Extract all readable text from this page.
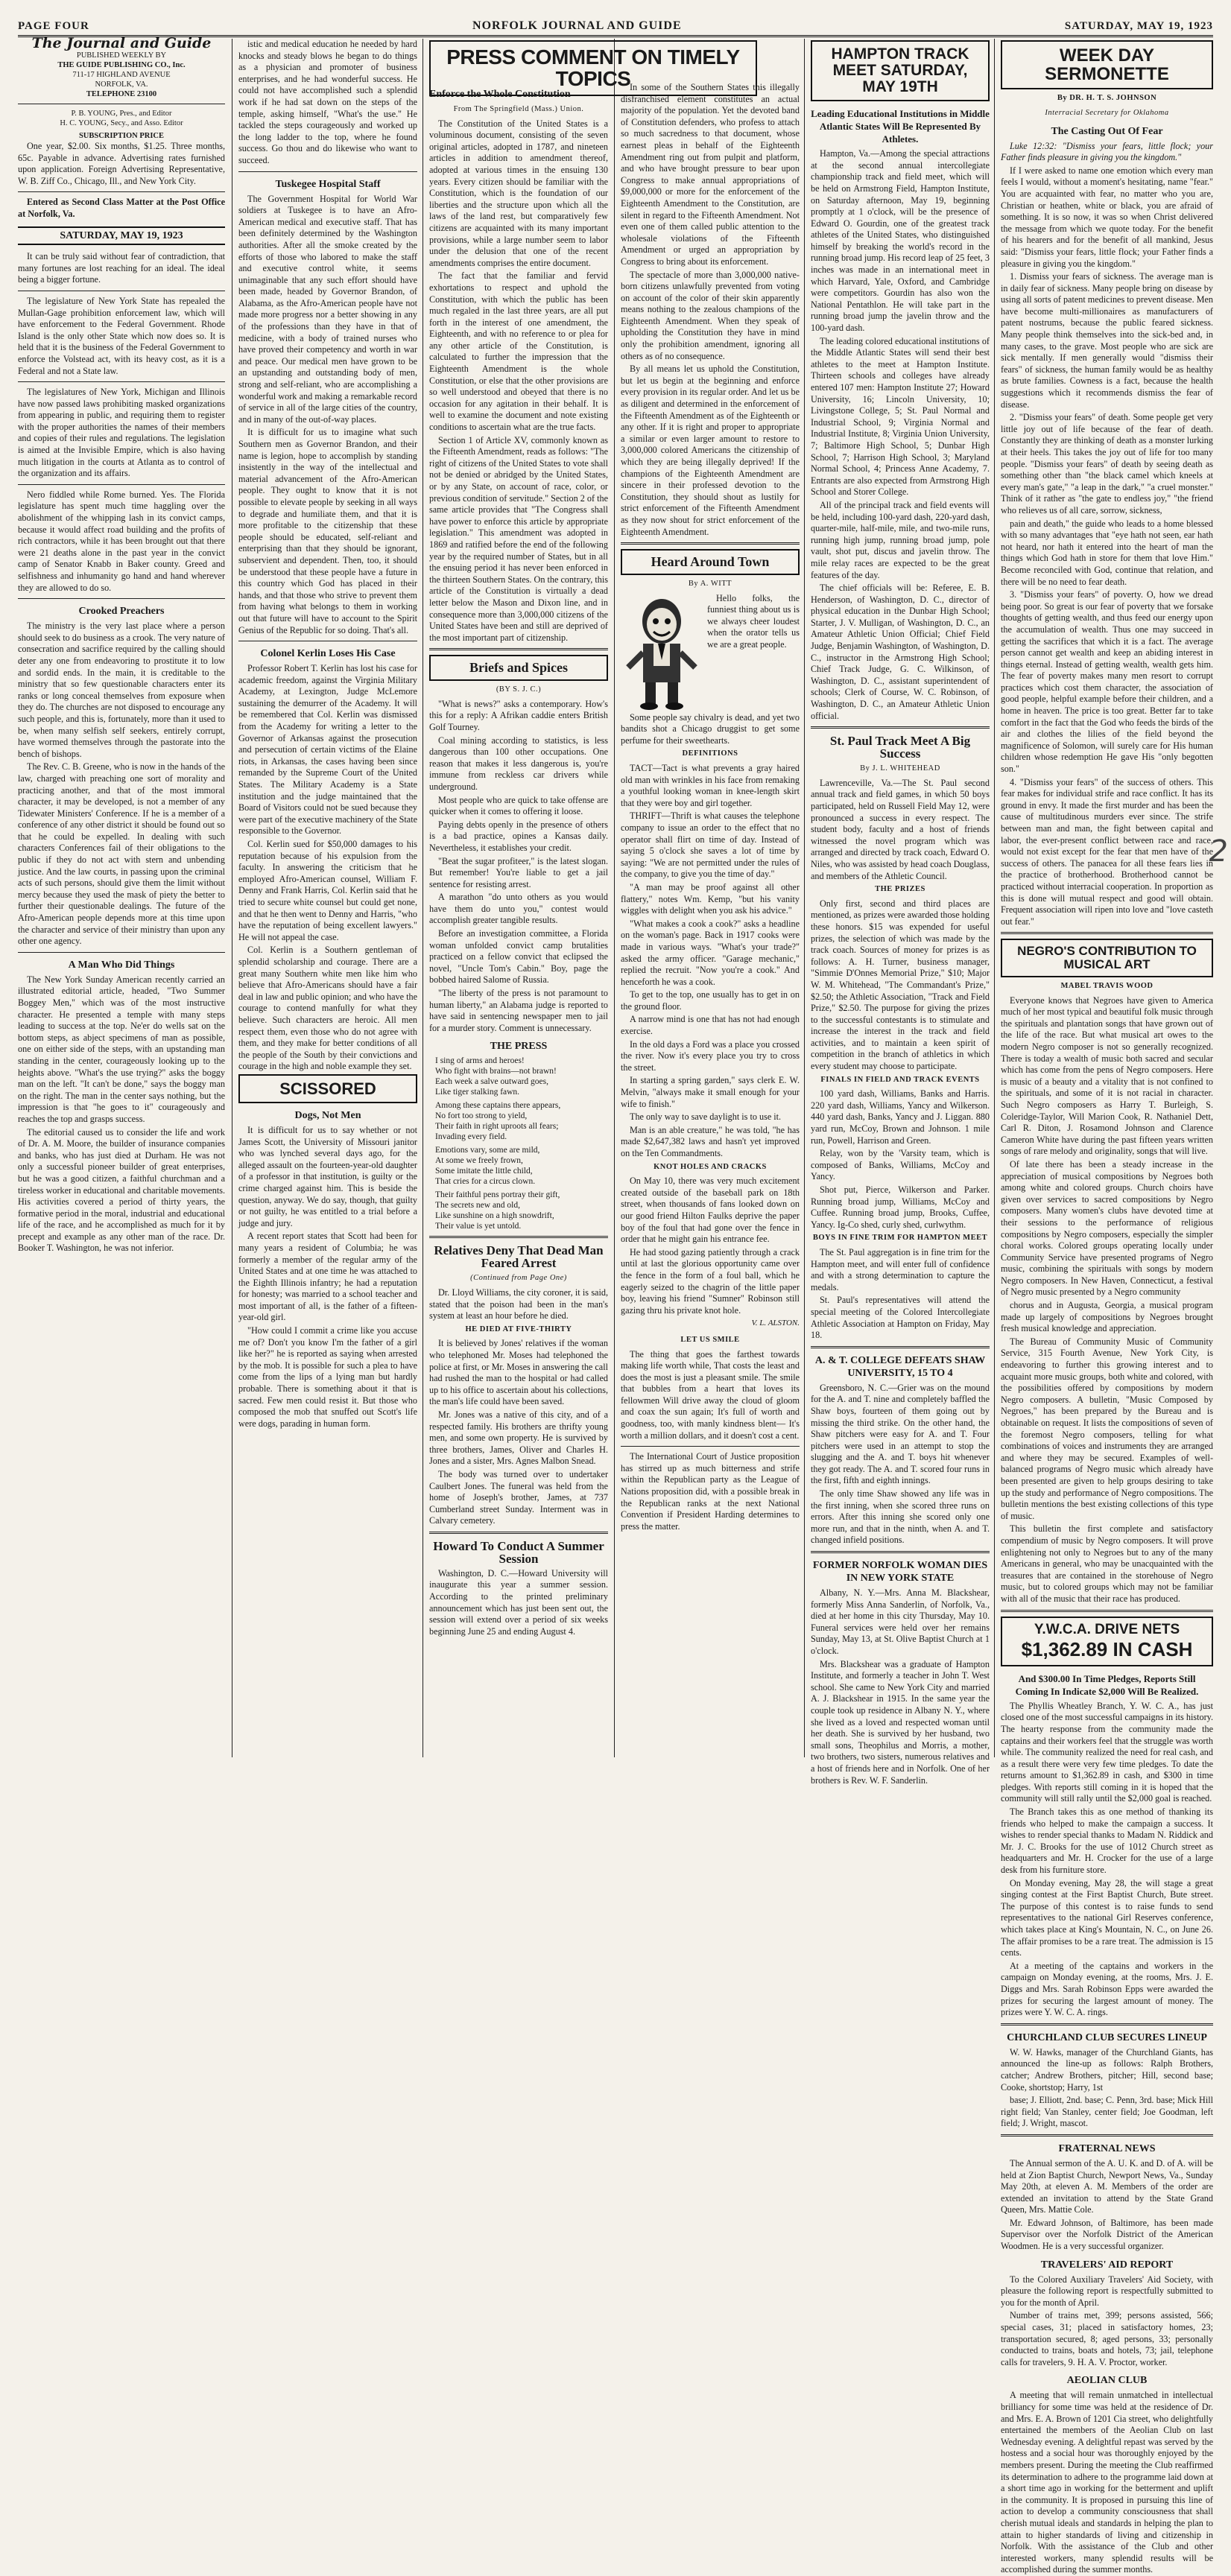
PAGE FOUR	NORFOLK JOURNAL AND GUIDE	SATURDAY, MAY 19, 1923
The Journal and Guide
PUBLISHED WEEKLY BY
THE GUIDE PUBLISHING CO., Inc.
711-17 HIGHLAND AVENUE
NORFOLK, VA.
TELEPHONE 23100
P. B. YOUNG, Pres., and Editor
H. C. YOUNG, Secy., and Asso. Editor
SUBSCRIPTION PRICE

One year, $2.00. Six months, $1.25. Three months, 65c. Payable in advance. Advertising rates furnished upon application. Foreign Advertising Representative, W. B. Ziff Co., Chicago, Ill., and New York City.

Entered as Second Class Matter at the Post Office at Norfolk, Va.

SATURDAY, MAY 19, 1923

It can be truly said without fear of contradiction, that many fortunes are lost reaching for an ideal. The ideal being a bigger fortune.

The legislature of New York State has repealed the Mullan-Gage prohibition enforcement law, which will have enforcement to the Federal Government. Rhode Island is the only other State which now does so. It is held that it is the business of the Federal Government to enforce the Volstead act, with its heavy cost, as it is a Federal and not a State law.

The legislatures of New York, Michigan and Illinois have now passed laws prohibiting masked organizations from appearing in public, and requiring them to register with the proper authorities the names of their members and copies of their rules and regulations. The legislation is aimed at the Invisible Empire, which is also having much litigation in the courts at Atlanta as to control of the organization and its affairs.

Nero fiddled while Rome burned. Yes. The Florida legislature has spent much time haggling over the abolishment of the whipping lash in its convict camps, because it would affect road building and the profits of rich contractors, while it has been brought out that there were 21 deaths alone in the past year in the convict camp of Senator Knabb in Baker county. Greed and selfishness and inhumanity go hand and hand wherever they are allowed to do so.

Crooked Preachers

The ministry is the very last place where a person should seek to do business as a crook. The very nature of consecration and sacrifice required by the calling should deter any one from endeavoring to prostitute it to low and sordid ends. In the main, it is creditable to the ministry that so few questionable characters enter its ranks or long conceal themselves from exposure when they do. The churches are not disposed to encourage any such people, and this is, fortunately, more than it used to be, when many selfish self seekers, entirely corrupt, have wormed themselves through the pastorate into the bench of bishops.

The Rev. C. B. Greene, who is now in the hands of the law, charged with preaching one sort of morality and practicing another, and that of the most immoral character, it may be developed, is not a member of any Tidewater Ministers' Conference. If he is a member of a conference of any other district it should be found out so that he could be expelled. In dealing with such characters Conferences fail of their obligations to the public if they do not act with stern and unbending justice. And the law courts, in passing upon the criminal acts of such persons, should give them the limit without mercy because they used the mask of piety the better to further their questionable dealings. The future of the Afro-American people depends more at this time upon the character and service of their ministry than upon any other one agency.

A Man Who Did Things

The New York Sunday American recently carried an illustrated editorial article, headed, "Two Summer Boggey Men," which was of the most instructive character. He presented a temple with many steps leading to success at the top. Ne'er do wells sat on the bottom steps, as abject specimens of man as possible, one on either side of the steps, with an upstanding man standing in the center, courageously looking up to the heights above. "What's the use trying?" asks the boggy man on the left. "It can't be done," says the boggy man on the right. The man in the center says nothing, but the impression is that "he goes to it" courageously and reaches the top and grasps success.

The editorial caused us to consider the life and work of Dr. A. M. Moore, the builder of insurance companies and banks, who has just died at Durham. He was not only a successful pioneer builder of great enterprises, but he was a good citizen, a faithful churchman and a tireless worker in educational and charitable movements. His activities covered a period of thirty years, the formative period in the moral, industrial and educational life of the race, and he accomplished as much for it by precept and example as any other man of the race. Dr. Booker T. Washington, he was not inferior.

istic and medical education he needed by hard knocks and steady blows he began to do things as a physician and promoter of business enterprises, and he had wonderful success. He could not have accomplished such a splendid work if he had sat down on the steps of the temple, asking himself, "What's the use." He tackled the steps courageously and worked up the long ladder to the top, where he found success. Go thou and do likewise who want to succeed.

Tuskegee Hospital Staff

The Government Hospital for World War soldiers at Tuskegee is to have an Afro-American medical and executive staff. That has been definitely determined by the Washington authorities. After all the smoke created by the efforts of those who labored to make the staff and executive control white, it seems unimaginable that any such effort should have been made, headed by Governor Brandon, of Alabama, as the Afro-American people have not made more progress nor a better showing in any of the professions than they have in that of medicine, with a body of trained nurses who have proved their competency and worth in war and peace. Our medical men have grown to be an upstanding and outstanding body of men, strong and self-reliant, who are accomplishing a wonderful work and making a remarkable record of service in all of the large cities of the country, and in many of the out-of-way places.

It is difficult for us to imagine what such Southern men as Governor Brandon, and their name is legion, hope to accomplish by standing insistently in the way of the intellectual and material advancement of the Afro-American people. They ought to know that it is not possible to elevate people by seeking in all ways to degrade and humiliate them, and that it is more profitable to the citizenship that these people should be educated, self-reliant and enterprising than that they should be ignorant, subservient and dependent. Then, too, it should be understood that these people have a future in this country which God has placed in their hands, and that those who strive to prevent them from having what belongs to them in working out that future will have to account to the Spirit Genius of the Republic for so doing. That's all.

Colonel Kerlin Loses His Case

Professor Robert T. Kerlin has lost his case for academic freedom, against the Virginia Military Academy, at Lexington, Judge McLemore sustaining the demurrer of the Academy. It will be remembered that Col. Kerlin was dismissed from the Academy for writing a letter to the Governor of Arkansas against the prosecution and persecution of certain victims of the Elaine riots, in Arkansas, the cases having been since remanded by the Supreme Court of the United States. The Military Academy is a State institution and the judge maintained that the Board of Visitors could not be sued because they were part of the executive machinery of the State responsible to the Governor.

Col. Kerlin sued for $50,000 damages to his reputation because of his expulsion from the faculty. In answering the criticism that he employed Afro-American counsel, William F. Denny and Frank Harris, Col. Kerlin said that he tried to secure white counsel but could get none, and that he then went to Denny and Harris, "who have the reputation of being excellent lawyers." He will not appeal the case.

Col. Kerlin is a Southern gentleman of splendid scholarship and courage. There are a great many Southern white men like him who believe that Afro-Americans should have a fair deal in law and public opinion; and who have the courage to contend manfully for what they believe. Such characters are heroic. All men respect them, even those who do not agree with them, and they make for better conditions of all the people of the South by their convictions and courage in the high and noble example they set.

SCISSORED
Dogs, Not Men

It is difficult for us to say whether or not James Scott, the University of Missouri janitor who was lynched several days ago, for the alleged assault on the fourteen-year-old daughter of a professor in that institution, is guilty or the crime charged against him. This is beside the question, anyway. We do say, though, that guilty or not guilty, he was entitled to a trial before a judge and jury.

A recent report states that Scott had been for many years a resident of Columbia; he was formerly a member of the regular army of the United States and at one time he was attached to the Eighth Illinois infantry; he had a reputation for honesty; was married to a school teacher and most important of all, is the father of a fifteen-year-old girl.

"How could I commit a crime like you accuse me of? Don't you know I'm the father of a girl like her?" he is reported as saying when arrested by the mob. It is possible for such a plea to have come from the lips of a lying man but hardly probable. There is something about it that is sacred. Few men could resist it. But those who composed the mob that snuffed out Scott's life were dogs, parading in human form.

PRESS COMMENT ON TIMELY TOPICS
Enforce the Whole Constitution
From The Springfield (Mass.) Union.

The Constitution of the United States is a voluminous document, consisting of the seven original articles, adopted in 1787, and nineteen articles in addition to amendment thereof, adopted at various times in the ensuing 130 years. Every citizen should be familiar with the Constitution, which is the foundation of our liberties and the structure upon which all the laws of the land rest, but comparatively few citizens are acquainted with its many important provisions, while a large number seem to labor under the delusion that one of the recent amendments comprises the entire document.

The fact that the familiar and fervid exhortations to respect and uphold the Constitution, with which the public has been much regaled in the last three years, are all put forth in the interest of one amendment, the Eighteenth, and with no reference to or plea for any other article of the Constitution, is calculated to further the impression that the Eighteenth Amendment is the whole Constitution, or else that the other provisions are so well understood and obeyed that there is no occasion for any agitation in their behalf. It is well to examine the document and note existing conditions to ascertain what are the true facts.

Section 1 of Article XV, commonly known as the Fifteenth Amendment, reads as follows: "The right of citizens of the United States to vote shall not be denied or abridged by the United States, or by any State, on account of race, color, or previous condition of servitude." Section 2 of the same article provides that "The Congress shall have power to enforce this article by appropriate legislation." This amendment was adopted in 1869 and ratified before the end of the following year by the required number of States, but in all the ensuing period it has never been enforced in the thirteen Southern States. On the contrary, this article of the Constitution is virtually a dead letter below the Mason and Dixon line, and in consequence more than 3,000,000 citizens of the United States have been and still are deprived of the most important part of citizenship.

Briefs and Spices
(BY S. J. C.)

"What is news?" asks a contemporary. How's this for a reply: A Afrikan caddie enters British Golf Tourney.

Coal mining according to statistics, is less dangerous than 100 other occupations. One reason that makes it less dangerous is, you're immune from reckless car drivers while underground.

Most people who are quick to take offense are quicker when it comes to offering it loose.

Paying debts openly in the presence of others is a bad practice, opines a Kansas daily. Nevertheless, it establishes your credit.

"Beat the sugar profiteer," is the latest slogan. But remember! You're liable to get a jail sentence for resisting arrest.

A marathon "do unto others as you would have them do unto you," contest would accomplish greater tangible results.

Before an investigation committee, a Florida woman unfolded convict camp brutalities practiced on a fellow convict that eclipsed the novel, "Uncle Tom's Cabin." Boy, page the bobbed haired Salome of Russia.

"The liberty of the press is not paramount to human liberty," an Alabama judge is reported to have said in sentencing newspaper men to jail for a murder story. Comment is unnecessary.

THE PRESS
I sing of arms and heroes!
Who fight with brains—not brawn!
Each week a salve outward goes,
Like tiger stalking fawn.
Among these captains there appears,
No fort too strong to yield,
Their faith in right uproots all fears;
Invading every field.
Emotions vary, some are mild,
At some we freely frown,
Some imitate the little child,
That cries for a circus clown.
Their faithful pens portray their gift,
The secrets new and old,
Like sunshine on a high snowdrift,
Their value is yet untold.
Relatives Deny That Dead Man Feared Arrest
(Continued from Page One)

Dr. Lloyd Williams, the city coroner, it is said, stated that the poison had been in the man's system at least an hour before he died.

HE DIED AT FIVE-THIRTY

It is believed by Jones' relatives if the woman who telephoned Mr. Moses had telephoned the police at first, or Mr. Moses in answering the call had rushed the man to the hospital or had called up to his office to ascertain about his collections, the man's life could have been saved.

Mr. Jones was a native of this city, and of a respected family. His brothers are thrifty young men, and some own property. He is survived by three brothers, James, Oliver and Charles H. Jones and a sister, Mrs. Agnes Malbon Snead.

The body was turned over to undertaker Caulbert Jones. The funeral was held from the home of Joseph's brother, James, at 737 Cumberland street Sunday. Interment was in Calvary cemetery.

Howard To Conduct A Summer Session

Washington, D. C.—Howard University will inaugurate this year a summer session. According to the printed preliminary announcement which has just been sent out, the session will extend over a period of six weeks beginning June 25 and ending August 4.

In some of the Southern States this illegally disfranchised element constitutes an actual majority of the population. Yet the devoted band of Constitution defenders, who profess to attach so much sacredness to that document, whose earnest pleas in behalf of the Eighteenth Amendment ring out from pulpit and platform, and who have brought pressure to bear upon Congress to make annual appropriations of $9,000,000 or more for the enforcement of the Eighteenth Amendment to the Constitution, are silent in regard to the Fifteenth Amendment. Not even one of them called public attention to the wholesale violations of the Fifteenth Amendment or urged an appropriation by Congress to bring about its enforcement.

The spectacle of more than 3,000,000 native-born citizens unlawfully prevented from voting on account of the color of their skin apparently means nothing to the zealous champions of the Eighteenth Amendment. When they speak of upholding the Constitution they have in mind only the prohibition amendment, ignoring all others as of no consequence.

By all means let us uphold the Constitution, but let us begin at the beginning and enforce every provision in its regular order. And let us be as diligent and determined in the enforcement of the Fifteenth Amendment as of the Eighteenth or any other. If it is right and proper to appropriate a similar or even larger amount to restore to 3,000,000 colored Americans the citizenship of which they are being illegally deprived! If the champions of the Eighteenth Amendment are sincere in their professed devotion to the Constitution, they should shout as lustily for strict enforcement of the Fifteenth Amendment as they now shout for strict enforcement of the Eighteenth Amendment.

Heard Around Town
By A. WITT

Hello folks, the funniest thing about us is we always cheer loudest when the orator tells us we are a great people.

Some people say chivalry is dead, and yet two bandits shot a Chicago druggist to get some perfume for their sweethearts.

DEFINITIONS

TACT—Tact is what prevents a gray haired old man with wrinkles in his face from remaking a youthful looking woman in knee-length skirt that they were boy and girl together.

THRIFT—Thrift is what causes the telephone company to issue an order to the effect that no operator shall flirt on time of day. Instead of saying 5 o'clock she saves a lot of time by saying: "We are not permitted under the rules of the company, to give you the time of day."

"A man may be proof against all other flattery," notes Wm. Kemp, "but his vanity wiggles with delight when you ask his advice."

"What makes a cook a cook?" asks a headline on the woman's page. Back in 1917 cooks were made in various ways. "What's your trade?" asked the army officer. "Garage mechanic," replied the recruit. "Now you're a cook." And henceforth he was a cook.

To get to the top, one usually has to get in on the ground floor.

A narrow mind is one that has not had enough exercise.

In the old days a Ford was a place you crossed the river. Now it's every place you try to cross the street.

In starting a spring garden," says clerk E. W. Melvin, "always make it small enough for your wife to finish."

The only way to save daylight is to use it.

Man is an able creature," he was told, "he has made $2,647,382 laws and hasn't yet improved on the Ten Commandments.

KNOT HOLES AND CRACKS

On May 10, there was very much excitement created outside of the baseball park on 18th street, when thousands of fans looked down on our good friend Hilton Faulks deprive the paper boy of the foul that had gone over the fence in order that he might gain his entrance fee.

He had stood gazing patiently through a crack until at last the glorious opportunity came over the fence in the form of a foul ball, which he eagerly seized to the chagrin of the little paper boy, leaving his friend "Sumner" Robinson still gazing thru his private knot hole.

V. L. ALSTON.
LET US SMILE

The thing that goes the farthest towards making life worth while, That costs the least and does the most is just a pleasant smile. The smile that bubbles from a heart that loves its fellowmen Will drive away the cloud of gloom and coax the sun again; It's full of worth and goodness, too, with manly kindness blent— It's worth a million dollars, and it doesn't cost a cent.

The International Court of Justice proposition has stirred up as much bitterness and strife within the Republican party as the League of Nations proposition did, with a possible break in the Republican ranks at the next National Convention if President Harding determines to press the matter.

HAMPTON TRACK MEET SATURDAY, MAY 19TH
Leading Educational Institutions in Middle Atlantic States Will Be Represented By Athletes.

Hampton, Va.—Among the special attractions at the second annual intercollegiate championship track and field meet, which will be held on Armstrong Field, Hampton Institute, on Saturday afternoon, May 19, beginning promptly at 1 o'clock, will be the presence of Edward O. Gourdin, one of the greatest track athletes of the United States, who distinguished himself by breaking the world's record in the running broad jump. His record leap of 25 feet, 3 inches was made in an international meet in which Harvard, Yale, Oxford, and Cambridge were competitors. Gourdin has also won the National Pentathlon. He will take part in the running broad jump the javelin throw and the 100-yard dash.

The leading colored educational institutions of the Middle Atlantic States will send their best athletes to the meet at Hampton Institute. Thirteen schools and colleges have already entered 107 men: Hampton Institute 27; Howard University, 16; Lincoln University, 10; Livingstone College, 5; St. Paul Normal and Industrial School, 9; Virginia Normal and Industrial Institute, 8; Virginia Union University, 7; Baltimore High School, 5; Dunbar High School, 7; Harrison High School, 3; Maryland Normal School, 4; Princess Anne Academy, 7. Entrants are also expected from Armstrong High School and Storer College.

All of the principal track and field events will be held, including 100-yard dash, 220-yard dash, quarter-mile, half-mile, mile, and two-mile runs, running high jump, running broad jump, pole vault, shot put, discus and javelin throw. The mile relay races are expected to be the great features of the day.

The chief officials will be: Referee, E. B. Henderson, of Washington, D. C., director of physical education in the Dunbar High School; Starter, J. V. Mulligan, of Washington, D. C., an Amateur Athletic Union Official; Chief Field Judge, Benjamin Washington, of Washington, D. C., instructor in the Armstrong High School; Chief Track Judge, G. C. Wilkinson, of Washington, D. C., assistant superintendent of schools; Clerk of Course, W. C. Robinson, of Washington, D. C., an Amateur Athletic Union official.

St. Paul Track Meet A Big Success
By J. L. WHITEHEAD

Lawrenceville, Va.—The St. Paul second annual track and field games, in which 50 boys participated, held on Russell Field May 12, were pronounced a success in every respect. The student body, faculty and a host of friends witnessed the novel program which was arranged and directed by track coach, Edward O. Niles, who was assisted by head coach Douglass, and members of the Athletic Council.

THE PRIZES

Only first, second and third places are mentioned, as prizes were awarded those holding these honors. $15 was expended for useful prizes, the selection of which was made by the track coach. Sources of money for prizes is as follows: A. H. Turner, business manager, "Simmie D'Onnes Memorial Prize," $10; Major W. M. Whitehead, "The Commandant's Prize," $2.50; the Athletic Association, "Track and Field Prize," $2.50. The purpose for giving the prizes to the successful contestants is to stimulate and increase the interest in the track and field activities, and to maintain a keen spirit of competition in the branch of athletics in which every student may choose to participate.

FINALS IN FIELD AND TRACK EVENTS

100 yard dash, Williams, Banks and Harris. 220 yard dash, Williams, Yancy and Wilkerson. 440 yard dash, Banks, Yancy and J. Liggan. 880 yard run, McCoy, Brown and Johnson. 1 mile run, Powell, Harrison and Green.

Relay, won by the 'Varsity team, which is composed of Banks, Williams, McCoy and Yancy.

Shot put, Pierce, Wilkerson and Parker. Running broad jump, Williams, McCoy and Cuffee. Running broad jump, Brooks, Cuffee, Yancy. Ig-Co shed, curly shed, curlwythm.

BOYS IN FINE TRIM FOR HAMPTON MEET

The St. Paul aggregation is in fine trim for the Hampton meet, and will enter full of confidence and with a strong determination to capture the medals.

St. Paul's representatives will attend the special meeting of the Colored Intercollegiate Athletic Association at Hampton on Friday, May 18.

A. & T. COLLEGE DEFEATS SHAW UNIVERSITY, 15 TO 4

Greensboro, N. C.—Grier was on the mound for the A. and T. nine and completely baffled the Shaw boys, fourteen of them going out by missing the third strike. On the other hand, the Shaw pitchers were easy for A. and T. Four pitchers were used in an attempt to stop the slugging and the A. and T. boys hit whenever they got ready. The A. and T. scored four runs in the first, fifth and eighth innings.

The only time Shaw showed any life was in the first inning, when she scored three runs on errors. After this inning she scored only one more run, and that in the ninth, when A. and T. changed infield positions.

FORMER NORFOLK WOMAN DIES IN NEW YORK STATE

Albany, N. Y.—Mrs. Anna M. Blackshear, formerly Miss Anna Sanderlin, of Norfolk, Va., died at her home in this city Thursday, May 10. Funeral services were held over her remains Sunday, May 13, at St. Olive Baptist Church at 1 o'clock.

Mrs. Blackshear was a graduate of Hampton Institute, and formerly a teacher in John T. West school. She came to New York City and married A. J. Blackshear in 1915. In the same year the couple took up residence in Albany N. Y., where she lived as a loved and respected woman until her death. She is survived by her husband, two small sons, Theophilus and Morris, a mother, two brothers, two sisters, numerous relatives and a host of friends here and in Norfolk. One of her brothers is Rev. W. F. Sanderlin.

WEEK DAY SERMONETTE
By DR. H. T. S. JOHNSON
Interracial Secretary for Oklahoma
The Casting Out Of Fear

Luke 12:32: "Dismiss your fears, little flock; your Father finds pleasure in giving you the kingdom."

If I were asked to name one emotion which every man feels I would, without a moment's hesitating, name "fear." You are acquainted with fear, no matter who you are, Christian or heathen, white or black, you are afraid of something. It is so now, it was so when Christ delivered the message from which we quote today. For the benefit of his hearers and for the benefit of all mankind, Jesus said: "Dismiss your fears, little flock; your Father finds a pleasure in giving you the kingdom."

1. Dismiss your fears of sickness. The average man is in daily fear of sickness. Many people bring on disease by using all sorts of patent medicines to prevent disease. Men have become multi-millionaires as manufacturers of patent nostrums, because the public feared sickness. Many people think themselves into the sick-bed and, in many cases, to the grave. Most people who are sick are sick mentally. If men generally would "dismiss their fears" of sickness, the human family would be as healthy as brute families. Cowness is a fact, because the health suggestions which it recommends dismiss the fear of disease.

2. "Dismiss your fears" of death. Some people get very little joy out of life because of the fear of death. Constantly they are thinking of death as a monster lurking at their heels. This takes the joy out of life for too many people. "Dismiss your fears" of death by seeing death as something other than "the black camel which kneels at every man's gate," "a leap in the dark," "a cruel monster." Think of it rather as "the gate to endless joy," "the friend who relieves us of all care, sorrow, sickness,

pain and death," the guide who leads to a home blessed with so many advantages that "eye hath not seen, ear hath not heard, nor hath it entered into the heart of man the things which God hath in store for them that love Him." Become reconciled with God, continue that relation, and there will be no need to fear death.

3. "Dismiss your fears" of poverty. O, how we dread being poor. So great is our fear of poverty that we forsake thoughts of getting wealth, and thus feed our energy upon the accumulation of wealth. Thus one may succeed in getting the sacrifices that which it is a fact. The average person cannot get wealth and keep an abiding interest in things eternal. Instead of getting wealth, wealth gets him. The fear of poverty makes many men resort to corrupt practices which cost them character, the association of good people, helpful example before their children, and a home in heaven. The price is too great. Better far to take comfort in the fact that the God who feeds the birds of the air and clothes the lilies of the field beyond the magnificence of Solomon, will surely care for His human children whose redemption He gave His "only begotten son."

4. "Dismiss your fears" of the success of others. This fear makes for individual strife and race conflict. It has its ground in envy. It made the first murder and has been the cause of multitudinous murders ever since. The strife between man and man, the fight between capital and labor, the ever-present conflict between race and race, would not exist except for the fear that men have of the success of others. The panacea for all these fears lies in the practice of brotherhood. Brotherhood cannot be practiced without interracial cooperation. In proportion as this is done will mutual respect and good will obtain. Frequent association will ripen into love and "love casteth out fear."

NEGRO'S CONTRIBUTION TO MUSICAL ART
MABEL TRAVIS WOOD

Everyone knows that Negroes have given to America much of her most typical and beautiful folk music through the spirituals and plantation songs that have grown out of the life of the race. But what musical art owes to the modern Negro composer is not so generally recognized. There is today a wealth of music both sacred and secular which has come from the pens of Negro composers. Here is music of a beauty and a vitality that is not confined to the spirituals, and some of it is not racial in character. Such Negro composers as Harry T. Burleigh, S. Coleridge-Taylor, Will Marion Cook, R. Nathaniel Dett, Carl R. Diton, J. Rosamond Johnson and Clarence Cameron White have during the past fifteen years written songs of rare melody and originality, songs that will live.

Of late there has been a steady increase in the appreciation of musical compositions by Negroes both among white and colored groups. Church choirs have given over services to sacred compositions by Negro composers. Many women's clubs have devoted time at their sessions to the performance of religious compositions by Negro composers, especially the simpler choral works. Colored groups operating locally under Community Service have presented programs of Negro music, combining the spirituals with songs by modern Negro composers. In New Haven, Connecticut, a festival of Negro music presented by a Negro community

chorus and in Augusta, Georgia, a musical program made up largely of compositions by Negroes brought fresh musical knowledge and appreciation.

The Bureau of Community Music of Community Service, 315 Fourth Avenue, New York City, is endeavoring to further this growing interest and to acquaint more music groups, both white and colored, with the possibilities offered by compositions by modern Negro composers. A bulletin, "Music Composed by Negroes," has been prepared by the Bureau and is obtainable on request. It lists the compositions of seven of the foremost Negro composers, telling for what combinations of voices and instruments they are arranged and where they may be secured. Examples of well-balanced programs of Negro music which already have been presented are given to help groups desiring to take up the study and performance of Negro compositions. The bulletin mentions the best existing collections of this type of music.

This bulletin the first complete and satisfactory compendium of music by Negro composers. It will prove enlightening not only to Negroes but to any of the many Americans in general, who may be unacquainted with the treasures that are contained in the storehouse of Negro music, but to colored groups which may not be familiar with all of the music that their race has produced.

Y.W.C.A. DRIVE NETS
$1,362.89 IN CASH
And $300.00 In Time Pledges, Reports Still Coming In Indicate $2,000 Will Be Realized.

The Phyllis Wheatley Branch, Y. W. C. A., has just closed one of the most successful campaigns in its history. The hearty response from the community made the captains and their workers feel that the struggle was worth while. The community realized the need for real cash, and as a result there were very few time pledges. To date the returns amount to $1,362.89 in cash, and $300 in time pledges. With reports still coming in it is hoped that the community will still rally until the $2,000 goal is reached.

The Branch takes this as one method of thanking its friends who helped to make the campaign a success. It wishes to render special thanks to Madam N. Riddick and Mr. J. C. Brooks for the use of 1012 Church street as headquarters and Mr. H. Crocker for the use of a large desk from his furniture store.

On Monday evening, May 28, the will stage a great singing contest at the First Baptist Church, Bute street. The purpose of this contest is to raise funds to send representatives to the national Girl Reserves conference, which takes place at King's Mountain, N. C., on June 26. The affair promises to be a rare treat. The admission is 15 cents.

At a meeting of the captains and workers in the campaign on Monday evening, at the rooms, Mrs. J. E. Diggs and Mrs. Sarah Robinson Epps were awarded the prizes for securing the largest amount of money. The prizes were Y. W. C. A. rings.

CHURCHLAND CLUB SECURES LINEUP

W. W. Hawks, manager of the Churchland Giants, has announced the line-up as follows: Ralph Brothers, catcher; Andrew Brothers, pitcher; Hill, second base; Cooke, shortstop; Harry, 1st

base; J. Elliott, 2nd. base; C. Penn, 3rd. base; Mick Hill right field; Van Stanley, center field; Joe Goodman, left field; J. Wright, mascot.

FRATERNAL NEWS

The Annual sermon of the A. U. K. and D. of A. will be held at Zion Baptist Church, Newport News, Va., Sunday May 20th, at eleven A. M. Members of the order are extended an invitation to attend by the State Grand Queen, Mrs. Mattie Cole.

Mr. Edward Johnson, of Baltimore, has been made Supervisor over the Norfolk District of the American Woodmen. He is a very successful organizer.

TRAVELERS' AID REPORT

To the Colored Auxiliary Travelers' Aid Society, with pleasure the following report is respectfully submitted to you for the month of April.

Number of trains met, 399; persons assisted, 566; special cases, 31; placed in satisfactory homes, 23; transportation secured, 8; aged persons, 33; personally conducted to trains, boats and hotels, 73; jail, telephone calls for travelers, 9. H. A. V. Proctor, worker.

AEOLIAN CLUB

A meeting that will remain unmatched in intellectual brilliancy for some time was held at the residence of Dr. and Mrs. E. A. Brown of 1201 Cia street, who delightfully entertained the members of the Aeolian Club on last Wednesday evening. A delightful repast was served by the hostess and a social hour was thoroughly enjoyed by the members present. During the meeting the Club reaffirmed its determination to adhere to the programme laid down at a short time ago in working for the betterment and uplift in the community. It is proposed in pursuing this line of action to develop a community consciousness that shall cherish mutual ideals and standards in helping the plan to attain to higher standards of living and citizenship in Norfolk. With the assistance of the Club and other interested workers, many splendid results will be accomplished during the summer months.

2
